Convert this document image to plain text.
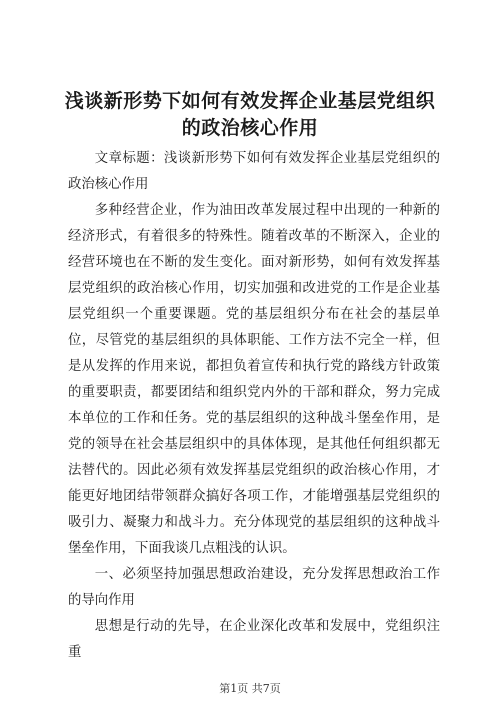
浅谈新形势下如何有效发挥企业基层党组织的政治核心作用

文章标题：浅谈新形势下如何有效发挥企业基层党组织的政治核心作用

多种经营企业，作为油田改革发展过程中出现的一种新的经济形式，有着很多的特殊性。随着改革的不断深入，企业的经营环境也在不断的发生变化。面对新形势，如何有效发挥基层党组织的政治核心作用，切实加强和改进党的工作是企业基层党组织一个重要课题。党的基层组织分布在社会的基层单位，尽管党的基层组织的具体职能、工作方法不完全一样，但是从发挥的作用来说，都担负着宣传和执行党的路线方针政策的重要职责，都要团结和组织党内外的干部和群众，努力完成本单位的工作和任务。党的基层组织的这种战斗堡垒作用，是党的领导在社会基层组织中的具体体现，是其他任何组织都无法替代的。因此必须有效发挥基层党组织的政治核心作用，才能更好地团结带领群众搞好各项工作，才能增强基层党组织的吸引力、凝聚力和战斗力。充分体现党的基层组织的这种战斗堡垒作用，下面我谈几点粗浅的认识。

一、必须坚持加强思想政治建设，充分发挥思想政治工作的导向作用

思想是行动的先导，在企业深化改革和发展中，党组织注重

第1页 共7页
